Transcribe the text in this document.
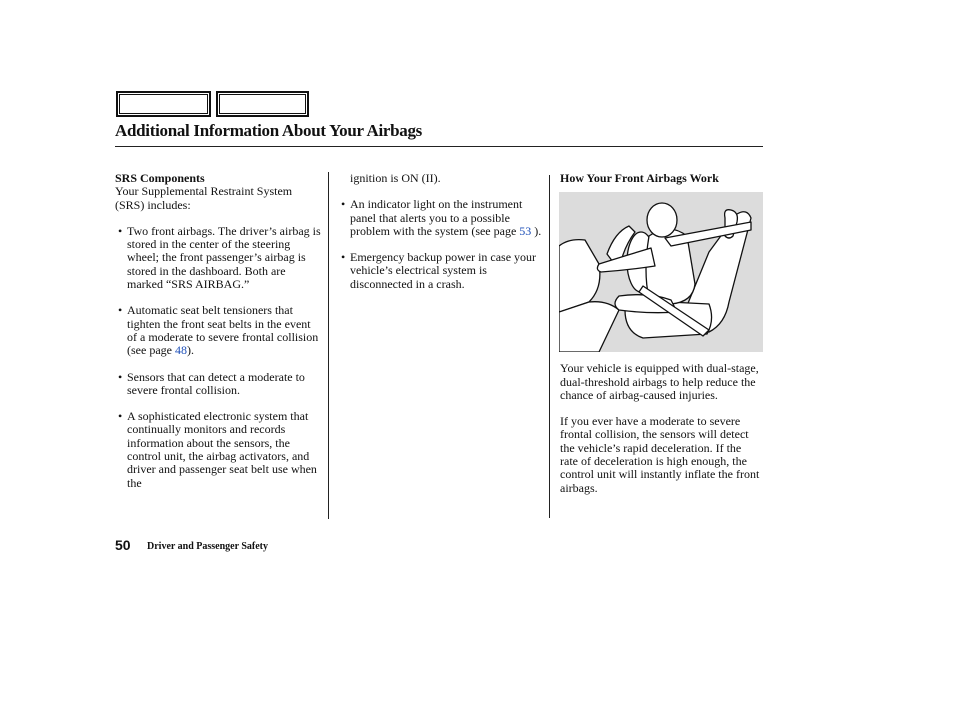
Additional Information About Your Airbags
SRS Components

Your Supplemental Restraint System (SRS) includes:

• Two front airbags. The driver’s airbag is stored in the center of the steering wheel; the front passenger’s airbag is stored in the dashboard. Both are marked “SRS AIRBAG.”
• Automatic seat belt tensioners that tighten the front seat belts in the event of a moderate to severe frontal collision (see page 48).
• Sensors that can detect a moderate to severe frontal collision.
• A sophisticated electronic system that continually monitors and records information about the sensors, the control unit, the airbag activators, and driver and passenger seat belt use when the

ignition is ON (II).

• An indicator light on the instrument panel that alerts you to a possible problem with the system (see page 53 ).
• Emergency backup power in case your vehicle’s electrical system is disconnected in a crash.
How Your Front Airbags Work

Your vehicle is equipped with dual-stage, dual-threshold airbags to help reduce the chance of airbag-caused injuries.

If you ever have a moderate to severe frontal collision, the sensors will detect the vehicle’s rapid deceleration. If the rate of deceleration is high enough, the control unit will instantly inflate the front airbags.

50 Driver and Passenger Safety
